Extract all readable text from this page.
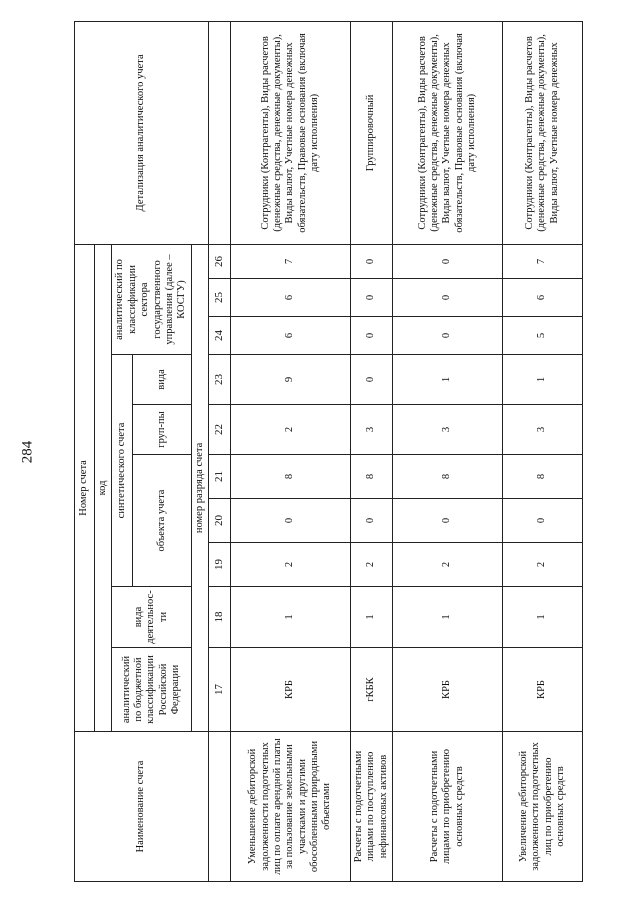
284
Наименование счета	Номер счета										Детализация аналитического учета
	код										
	аналитический по бюджетной классификации Российской Федерации	вида деятельнос-ти	синтетического счета					аналитический по классификации сектора государственного управления (далее – КОСГУ)			
			объекта учета			груп-пы	вида				
	номер разряда счета										
	17	18	19	20	21	22	23	24	25	26	
Уменьшение дебиторской задолженности подотчетных лиц по оплате арендной платы за пользование земельными участками и другими обособленными природными объектами	КРБ	1	2	0	8	2	9	6	6	7	Сотрудники (Контрагенты), Виды расчетов (денежные средства, денежные документы), Виды валют, Учетные номера денежных обязательств, Правовые основания (включая дату исполнения)
Расчеты с подотчетными лицами по поступлению нефинансовых активов	гКБК	1	2	0	8	3	0	0	0	0	Группировочный
Расчеты с подотчетными лицами по приобретению основных средств	КРБ	1	2	0	8	3	1	0	0	0	Сотрудники (Контрагенты), Виды расчетов (денежные средства, денежные документы), Виды валют, Учетные номера денежных обязательств, Правовые основания (включая дату исполнения)
Увеличение дебиторской задолженности подотчетных лиц по приобретению основных средств	КРБ	1	2	0	8	3	1	5	6	7	Сотрудники (Контрагенты), Виды расчетов (денежные средства, денежные документы), Виды валют, Учетные номера денежных
